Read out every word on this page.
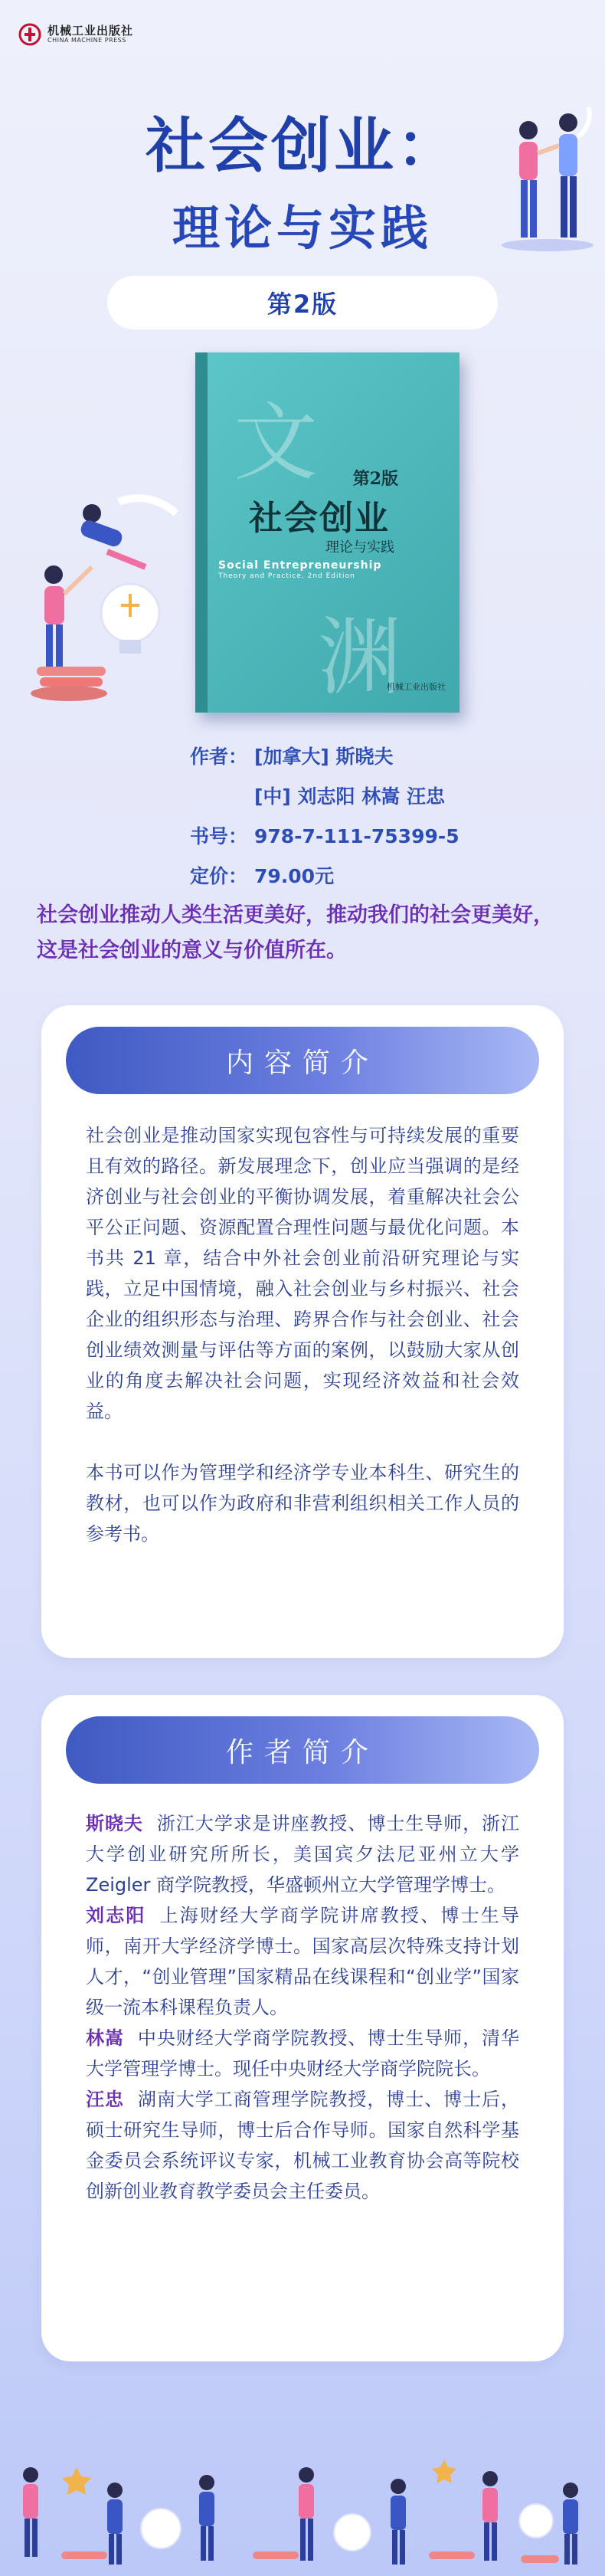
机械工业出版社
CHINA MACHINE PRESS
社会创业：
理论与实践
第2版
文
渊
第2版
社会创业
理论与实践
Social Entrepreneurship
Theory and Practice, 2nd Edition
机械工业出版社
作者： [加拿大] 斯晓夫
[中] 刘志阳 林嵩 汪忠
书号： 978-7-111-75399-5
定价： 79.00元
社会创业推动人类生活更美好，推动我们的社会更美好，这是社会创业的意义与价值所在。
内容简介

社会创业是推动国家实现包容性与可持续发展的重要且有效的路径。新发展理念下，创业应当强调的是经济创业与社会创业的平衡协调发展，着重解决社会公平公正问题、资源配置合理性问题与最优化问题。本书共 21 章，结合中外社会创业前沿研究理论与实践，立足中国情境，融入社会创业与乡村振兴、社会企业的组织形态与治理、跨界合作与社会创业、社会创业绩效测量与评估等方面的案例，以鼓励大家从创业的角度去解决社会问题，实现经济效益和社会效益。

本书可以作为管理学和经济学专业本科生、研究生的教材，也可以作为政府和非营利组织相关工作人员的参考书。

作者简介

斯晓夫 浙江大学求是讲座教授、博士生导师，浙江大学创业研究所所长，美国宾夕法尼亚州立大学 Zeigler 商学院教授，华盛顿州立大学管理学博士。

刘志阳 上海财经大学商学院讲席教授、博士生导师，南开大学经济学博士。国家高层次特殊支持计划人才，“创业管理”国家精品在线课程和“创业学”国家级一流本科课程负责人。

林嵩 中央财经大学商学院教授、博士生导师，清华大学管理学博士。现任中央财经大学商学院院长。

汪忠 湖南大学工商管理学院教授，博士、博士后，硕士研究生导师，博士后合作导师。国家自然科学基金委员会系统评议专家，机械工业教育协会高等院校创新创业教育教学委员会主任委员。
